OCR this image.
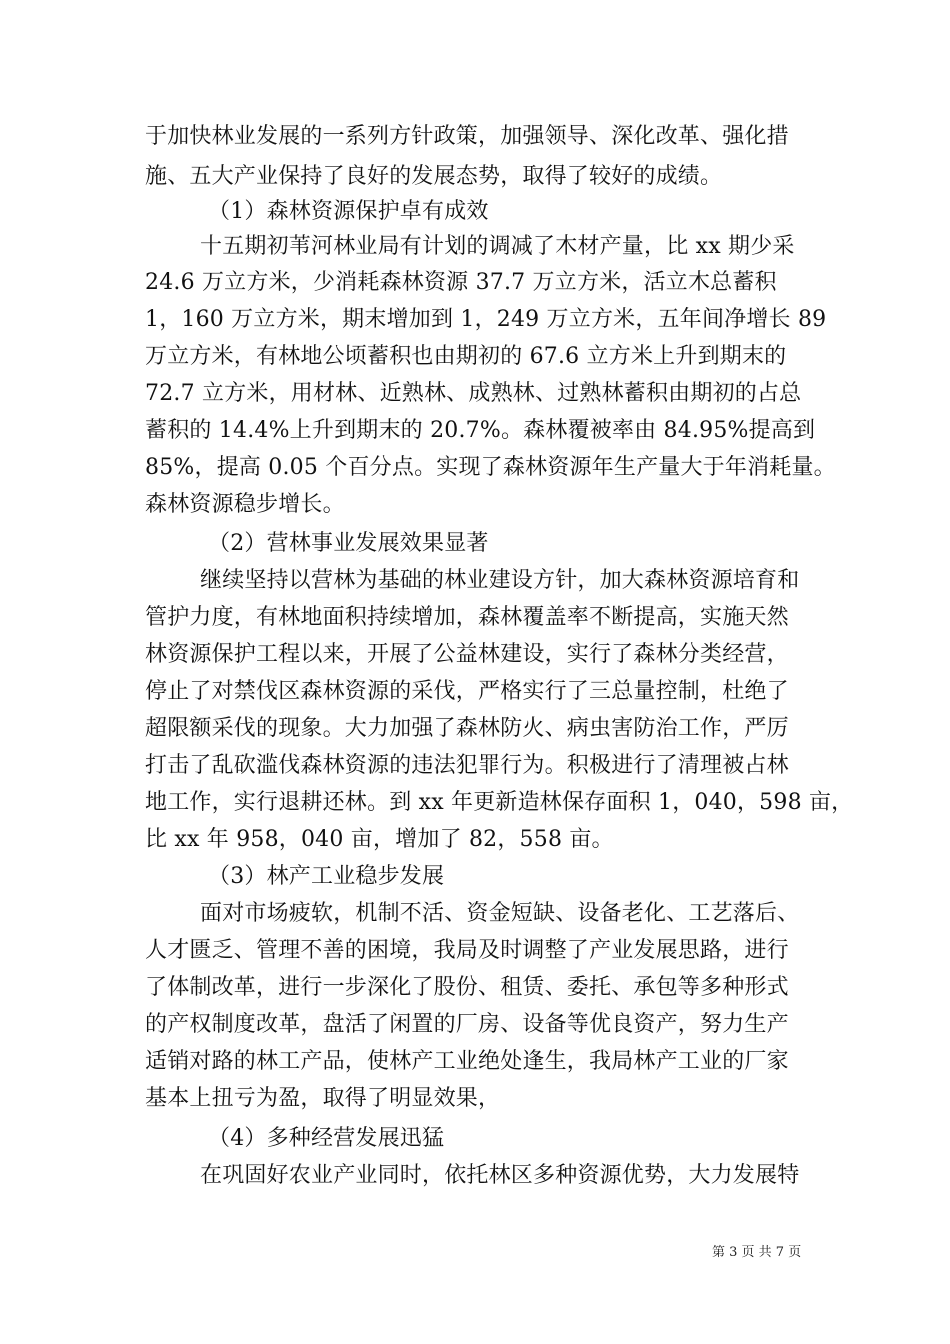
于加快林业发展的一系列方针政策，加强领导、深化改革、强化措
施、五大产业保持了良好的发展态势，取得了较好的成绩。
（1）森林资源保护卓有成效
十五期初苇河林业局有计划的调减了木材产量，比 xx 期少采
24.6 万立方米，少消耗森林资源 37.7 万立方米，活立木总蓄积
1，160 万立方米，期末增加到 1，249 万立方米，五年间净增长 89
万立方米，有林地公顷蓄积也由期初的 67.6 立方米上升到期末的
72.7 立方米，用材林、近熟林、成熟林、过熟林蓄积由期初的占总
蓄积的 14.4%上升到期末的 20.7%。森林覆被率由 84.95%提高到
85%，提高 0.05 个百分点。实现了森林资源年生产量大于年消耗量。
森林资源稳步增长。
（2）营林事业发展效果显著
继续坚持以营林为基础的林业建设方针，加大森林资源培育和
管护力度，有林地面积持续增加，森林覆盖率不断提高，实施天然
林资源保护工程以来，开展了公益林建设，实行了森林分类经营，
停止了对禁伐区森林资源的采伐，严格实行了三总量控制，杜绝了
超限额采伐的现象。大力加强了森林防火、病虫害防治工作，严厉
打击了乱砍滥伐森林资源的违法犯罪行为。积极进行了清理被占林
地工作，实行退耕还林。到 xx 年更新造林保存面积 1，040，598 亩，
比 xx 年 958，040 亩，增加了 82，558 亩。
（3）林产工业稳步发展
面对市场疲软，机制不活、资金短缺、设备老化、工艺落后、
人才匮乏、管理不善的困境，我局及时调整了产业发展思路，进行
了体制改革，进行一步深化了股份、租赁、委托、承包等多种形式
的产权制度改革，盘活了闲置的厂房、设备等优良资产，努力生产
适销对路的林工产品，使林产工业绝处逢生，我局林产工业的厂家
基本上扭亏为盈，取得了明显效果，
（4）多种经营发展迅猛
在巩固好农业产业同时，依托林区多种资源优势，大力发展特
第 3 页 共 7 页
